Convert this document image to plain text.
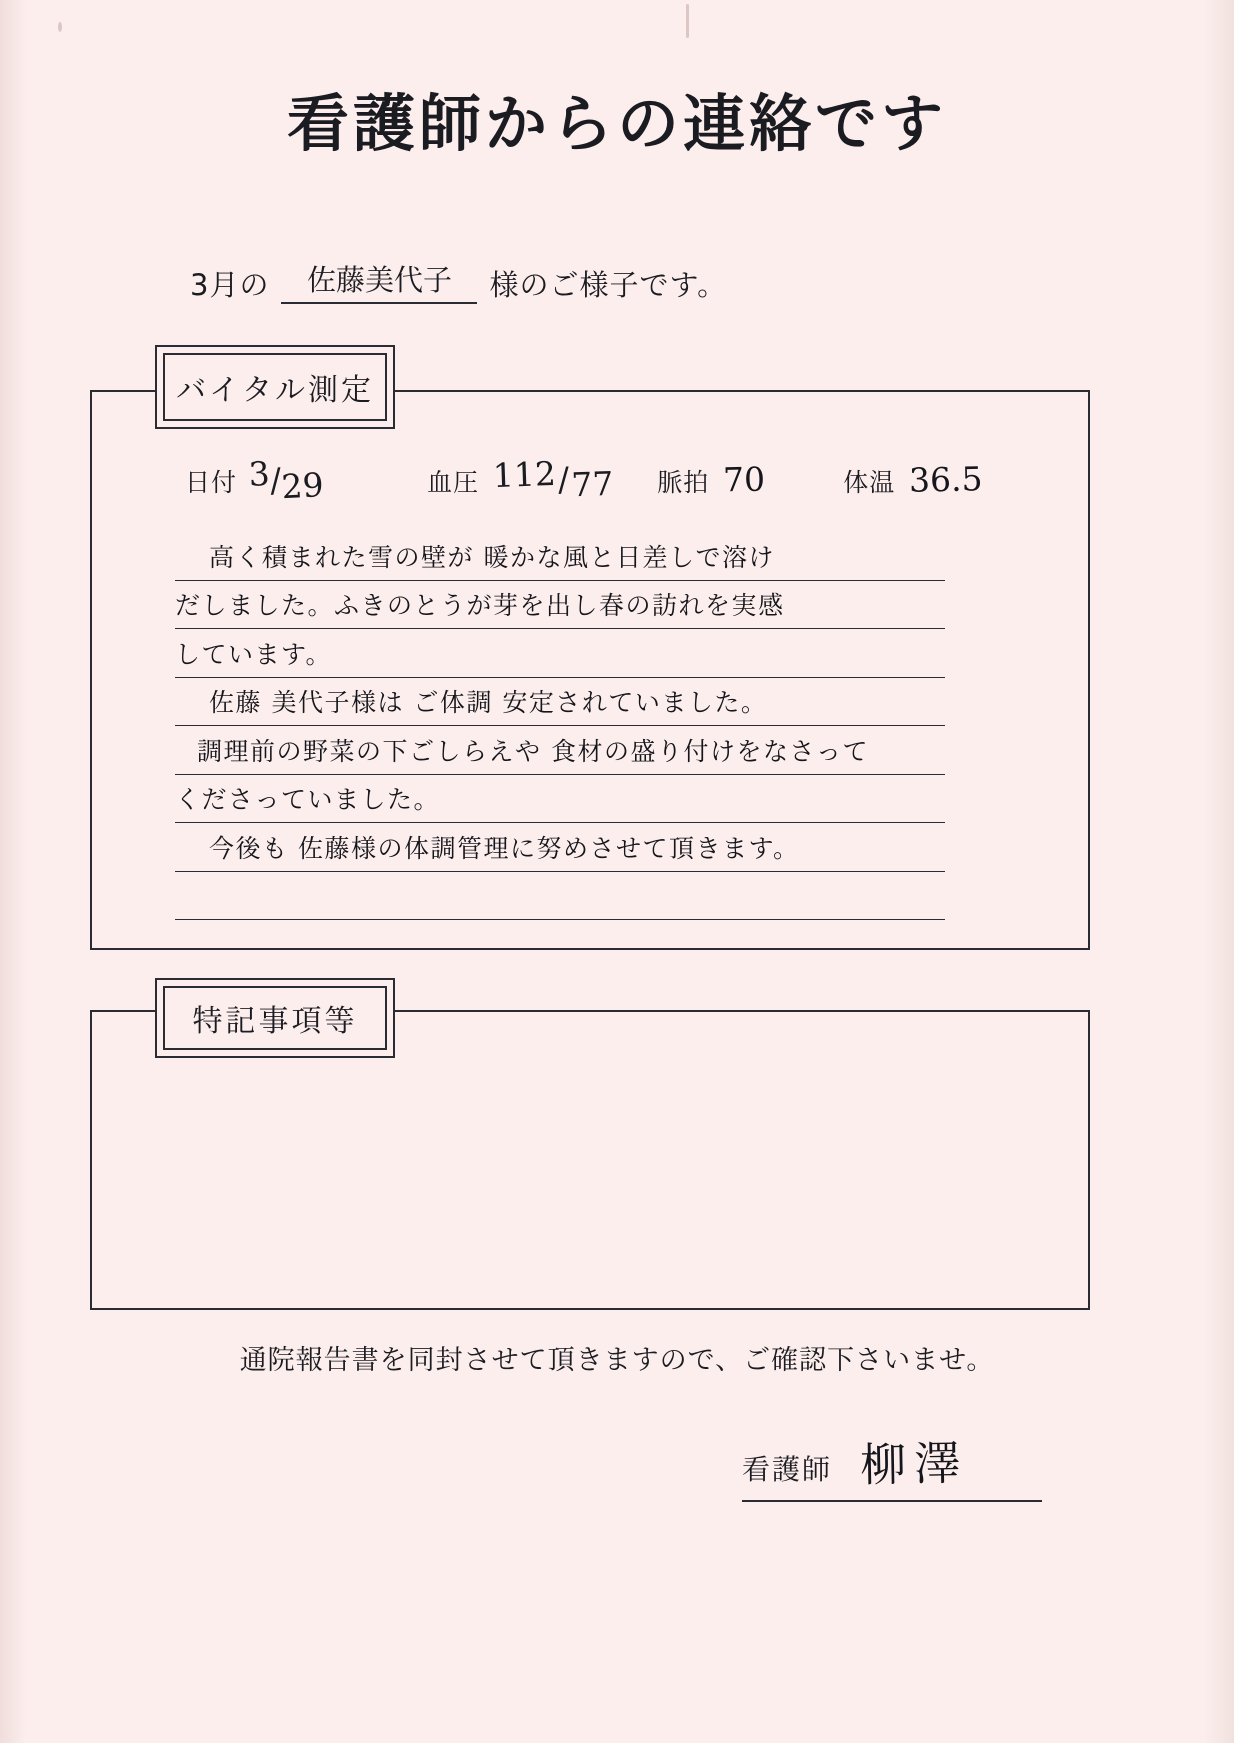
看護師からの連絡です
3月の	佐藤美代子	様のご様子です。
バイタル測定
日付 3/29	血圧 112/77 脈拍 70	体温 36.5
高く積まれた雪の壁が 暖かな風と日差しで溶け
だしました。ふきのとうが芽を出し春の訪れを実感
しています。
佐藤 美代子様は ご体調 安定されていました。
調理前の野菜の下ごしらえや 食材の盛り付けをなさって
くださっていました。
今後も 佐藤様の体調管理に努めさせて頂きます。
特記事項等
通院報告書を同封させて頂きますので、ご確認下さいませ。
看護師 柳澤
